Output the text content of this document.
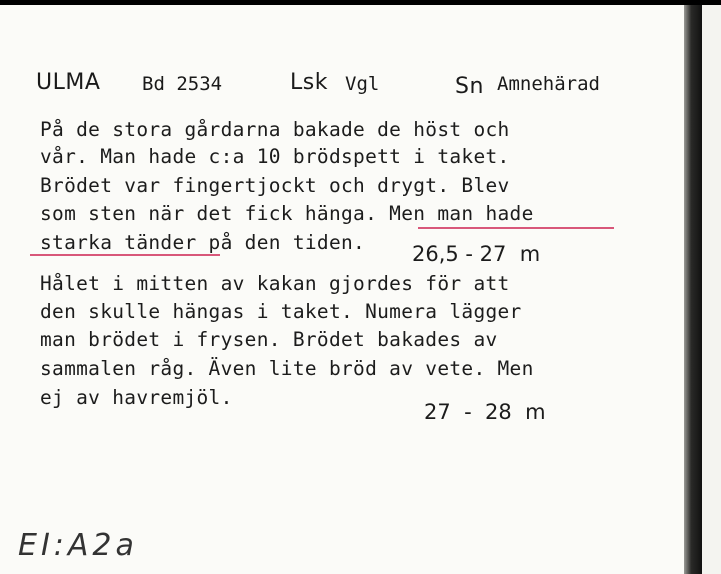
ULMA Bd 2534	Lsk Vgl	Sn Amnehärad
På de stora gårdarna bakade de höst och
vår. Man hade c:a 10 brödspett i taket.
Brödet var fingertjockt och drygt. Blev
som sten när det fick hänga. Men man hade
starka tänder på den tiden.
Hålet i mitten av kakan gjordes för att
den skulle hängas i taket. Numera lägger
man brödet i frysen. Brödet bakades av
sammalen råg. Även lite bröd av vete. Men
ej av havremjöl.
26,5 - 27  m
27  -  28  m
EI:A2a
